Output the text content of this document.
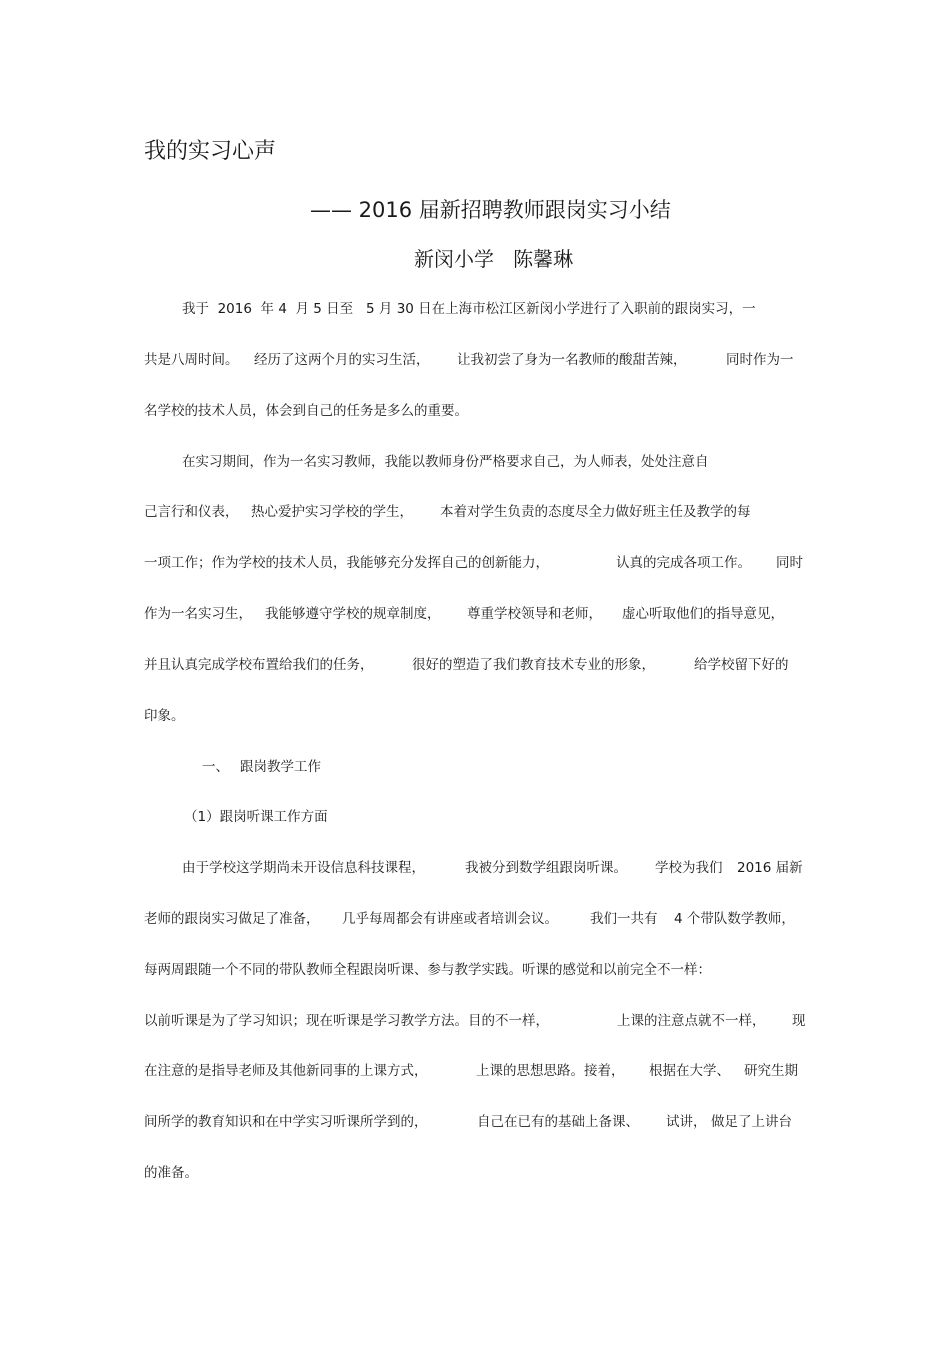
我的实习心声
—— 2016 届新招聘教师跟岗实习小结
新闵小学   陈馨琳
我于  2016  年 4  月 5 日至   5 月 30 日在上海市松江区新闵小学进行了入职前的跟岗实习，一
共是八周时间。 经历了这两个月的实习生活， 让我初尝了身为一名教师的酸甜苦辣，	同时作为一
名学校的技术人员，体会到自己的任务是多么的重要。
在实习期间，作为一名实习教师，我能以教师身份严格要求自己，为人师表，处处注意自
己言行和仪表， 热心爱护实习学校的学生， 本着对学生负责的态度尽全力做好班主任及教学的每
一项工作；作为学校的技术人员，我能够充分发挥自己的创新能力，	认真的完成各项工作。 同时
作为一名实习生， 我能够遵守学校的规章制度， 尊重学校领导和老师， 虚心听取他们的指导意见，
并且认真完成学校布置给我们的任务，	很好的塑造了我们教育技术专业的形象，	给学校留下好的
印象。
一、 跟岗教学工作
（1）跟岗听课工作方面
由于学校这学期尚未开设信息科技课程，	我被分到数学组跟岗听课。 学校为我们 2016 届新
老师的跟岗实习做足了准备， 几乎每周都会有讲座或者培训会议。 我们一共有 4 个带队数学教师，
每两周跟随一个不同的带队教师全程跟岗听课、参与教学实践。听课的感觉和以前完全不一样：
以前听课是为了学习知识；现在听课是学习教学方法。目的不一样，	上课的注意点就不一样， 现
在注意的是指导老师及其他新同事的上课方式，	上课的思想思路。接着， 根据在大学、 研究生期
间所学的教育知识和在中学实习听课所学到的，	自己在已有的基础上备课、 试讲， 做足了上讲台
的准备。
